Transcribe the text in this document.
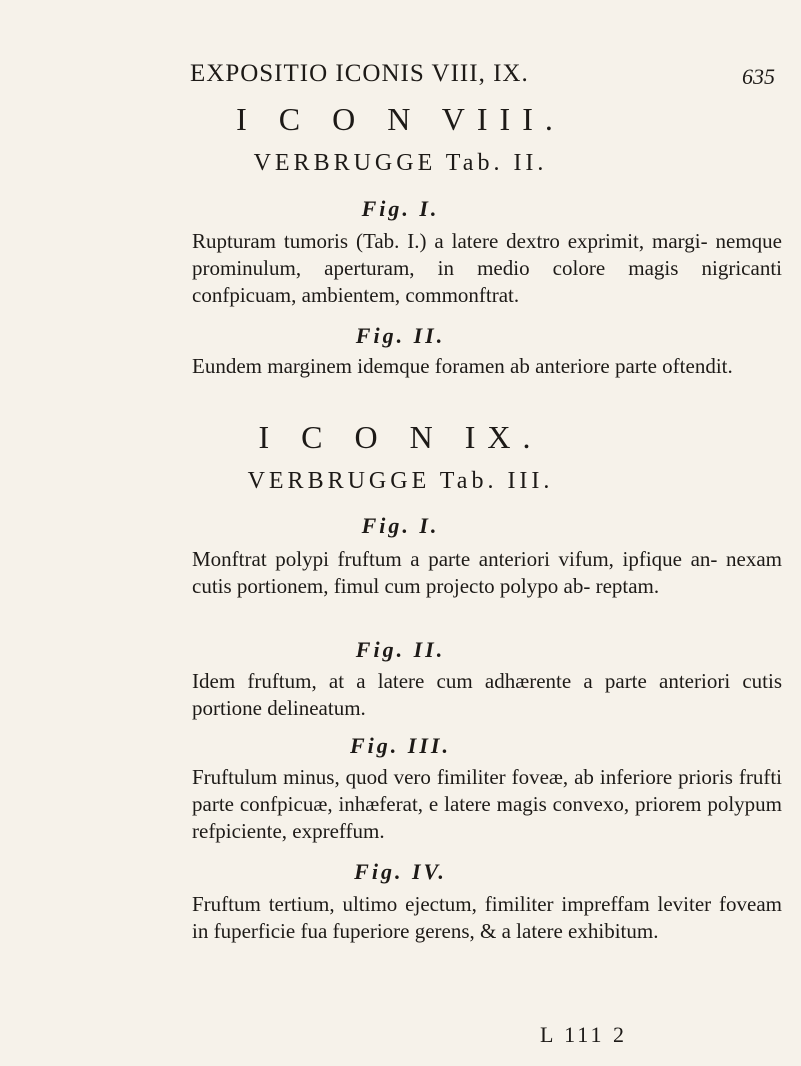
EXPOSITIO ICONIS VIII, IX.	635
I C O N VIII.
VERBRUGGE Tab. II.
Fig. I.

Rupturam tumoris (Tab. I.) a latere dextro exprimit, margi- nemque prominulum, aperturam, in medio colore magis nigricanti confpicuam, ambientem, commonftrat.

Fig. II.

Eundem marginem idemque foramen ab anteriore parte oftendit.

I C O N IX.
VERBRUGGE Tab. III.
Fig. I.

Monftrat polypi fruftum a parte anteriori vifum, ipfique an- nexam cutis portionem, fimul cum projecto polypo ab- reptam.

Fig. II.

Idem fruftum, at a latere cum adhærente a parte anteriori cutis portione delineatum.

Fig. III.

Fruftulum minus, quod vero fimiliter foveæ, ab inferiore prioris frufti parte confpicuæ, inhæferat, e latere magis convexo, priorem polypum refpiciente, expreffum.

Fig. IV.

Fruftum tertium, ultimo ejectum, fimiliter impreffam leviter foveam in fuperficie fua fuperiore gerens, & a latere exhibitum.

L 111 2
